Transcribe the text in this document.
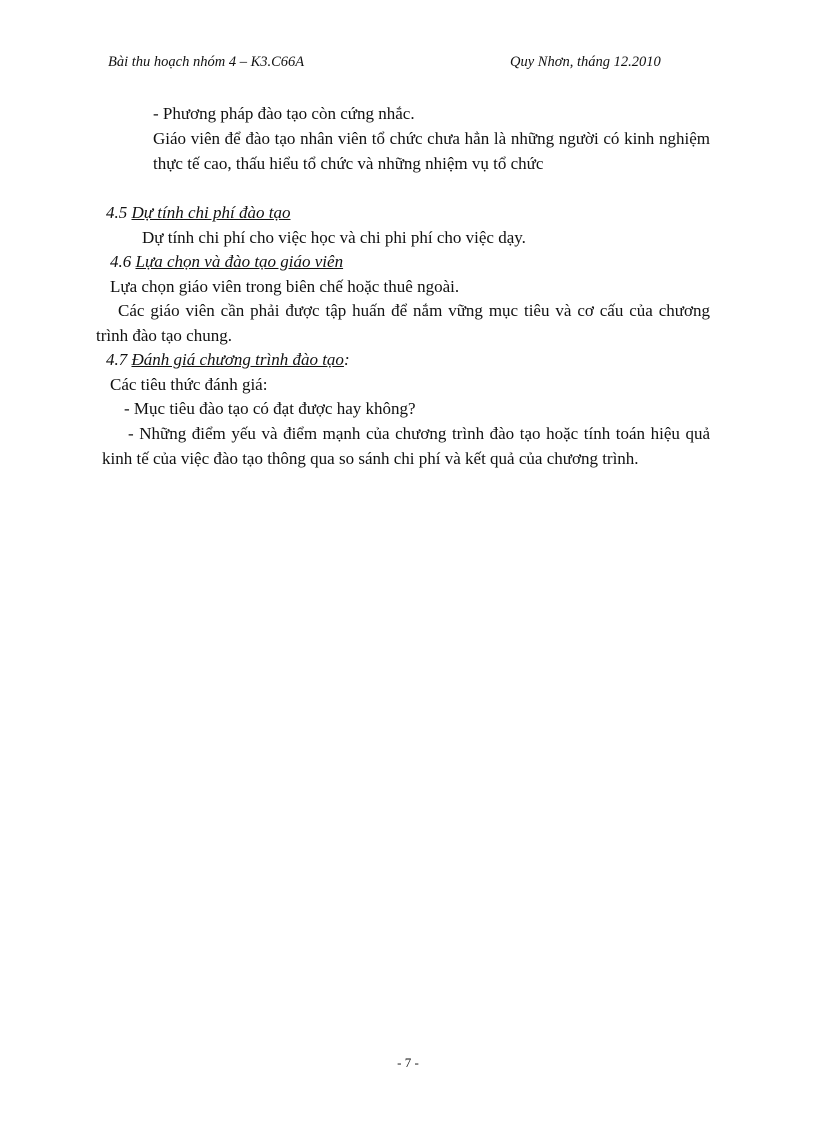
Bài thu hoạch nhóm 4 – K3.C66A	Quy Nhơn, tháng 12.2010
- Phương pháp đào tạo còn cứng nhắc.
Giáo viên để đào tạo nhân viên tổ chức chưa hẳn là những người có kinh nghiệm thực tế cao, thấu hiểu tổ chức và những nhiệm vụ tổ chức
4.5 Dự tính chi phí đào tạo
Dự tính chi phí cho việc học và chi phi phí cho việc dạy.
4.6 Lựa chọn và đào tạo giáo viên
Lựa chọn giáo viên trong biên chế hoặc thuê ngoài.
Các giáo viên cần phải được tập huấn để nắm vững mục tiêu và cơ cấu của chương trình đào tạo chung.
4.7 Đánh giá chương trình đào tạo:
Các tiêu thức đánh giá:
- Mục tiêu đào tạo có đạt được hay không?
- Những điểm yếu và điểm mạnh của chương trình đào tạo hoặc tính toán hiệu quả kinh tế của việc đào tạo thông qua so sánh chi phí và kết quả của chương trình.
- 7 -
